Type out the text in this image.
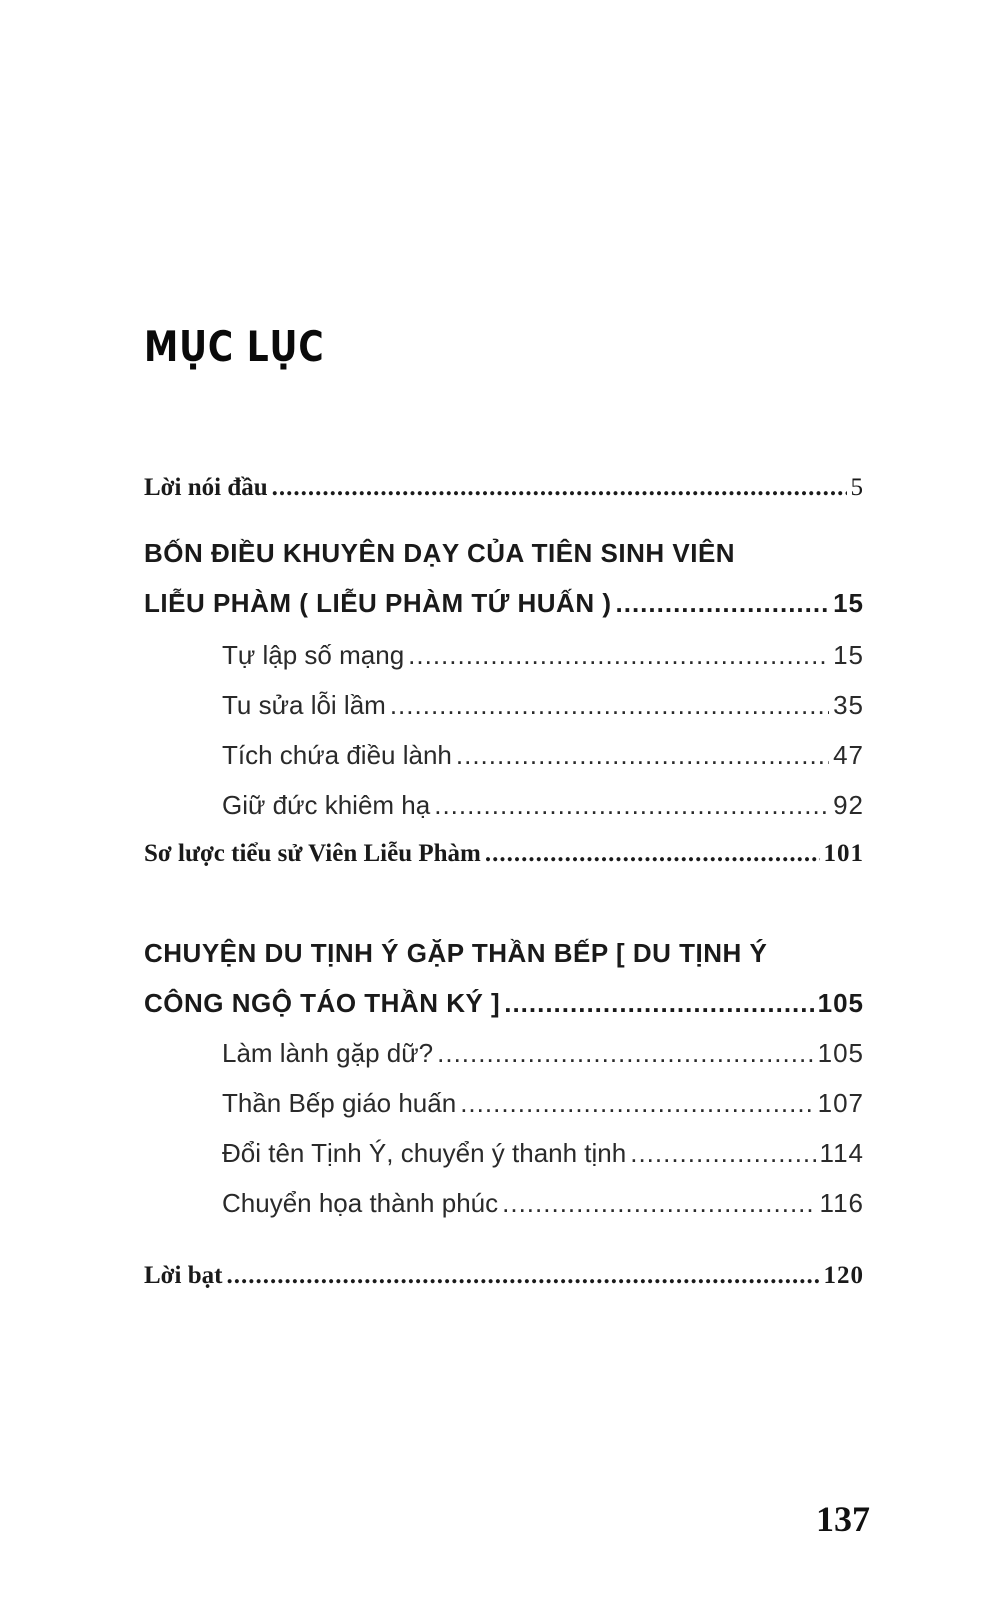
MỤC LỤC
Lời nói đầu .....	5
BỐN ĐIỀU KHUYÊN DẠY CỦA TIÊN SINH VIÊN
LIỄU PHÀM ( LIỄU PHÀM TỨ HUẤN ) .....	15
Tự lập số mạng .....	15
Tu sửa lỗi lầm .....	35
Tích chứa điều lành .....	47
Giữ đức khiêm hạ .....	92
Sơ lược tiểu sử Viên Liễu Phàm .....	101
CHUYỆN DU TỊNH Ý GẶP THẦN BẾP [ DU TỊNH Ý
CÔNG NGỘ TÁO THẦN KÝ ] .....	105
Làm lành gặp dữ? .....	105
Thần Bếp giáo huấn .....	107
Đổi tên Tịnh Ý, chuyển ý thanh tịnh .....	114
Chuyển họa thành phúc .....	116
Lời bạt .....	120
137
